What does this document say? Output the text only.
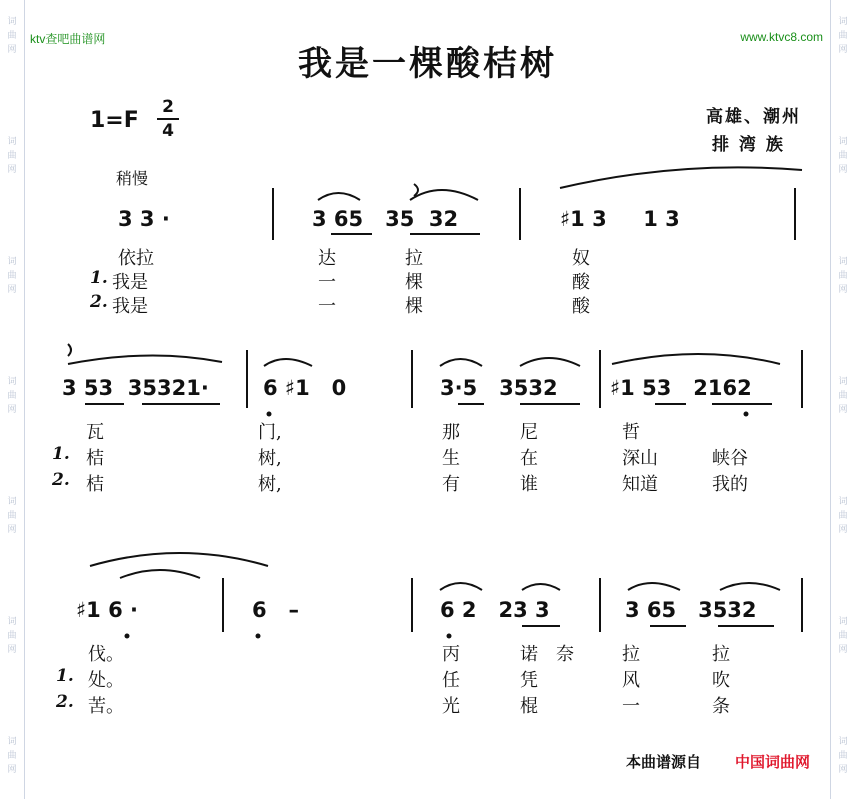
词
曲
网
词
曲
网
词
曲
网
词
曲
网
词
曲
网
词
曲
网
词
曲
网
词
曲
网
词
曲
网
词
曲
网
词
曲
网
词
曲
网
词
曲
网
词
曲
网
ktv查吧曲谱网	www.ktvc8.com
我是一棵酸桔树
1=F
2
4
高雄、潮州
排 湾 族
稍慢
3 3 ·	3 65   35  32	♯1 3     1 3
依拉	达	拉	奴
1. 我是	一	棵	酸
2. 我是	一	棵	酸
3 53  35321·	6 ♯1   0	3·5   3532 ♯1 53   2162
瓦	门,	那	尼	哲
1. 桔	树,	生	在	深山	峡谷
2. 桔	树,	有	谁	知道	我的
♯1 6 ·	6   –	6 2   23 3	3 65   3532
伐。	丙	诺 奈	拉	拉
1. 处。	任	凭	风	吹
2. 苦。	光	棍	一	条
本曲谱源自 中国词曲网
